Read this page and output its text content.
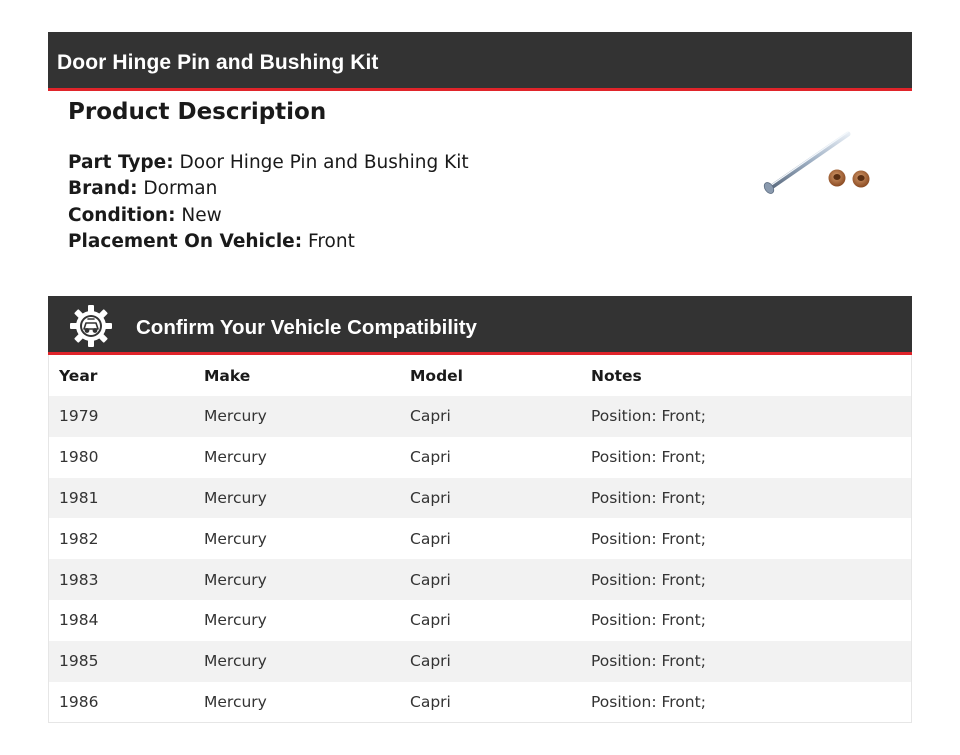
Door Hinge Pin and Bushing Kit
Product Description
Part Type: Door Hinge Pin and Bushing Kit
Brand: Dorman
Condition: New
Placement On Vehicle: Front
Confirm Your Vehicle Compatibility
Year	Make	Model	Notes
1979	Mercury	Capri	Position: Front;
1980	Mercury	Capri	Position: Front;
1981	Mercury	Capri	Position: Front;
1982	Mercury	Capri	Position: Front;
1983	Mercury	Capri	Position: Front;
1984	Mercury	Capri	Position: Front;
1985	Mercury	Capri	Position: Front;
1986	Mercury	Capri	Position: Front;
